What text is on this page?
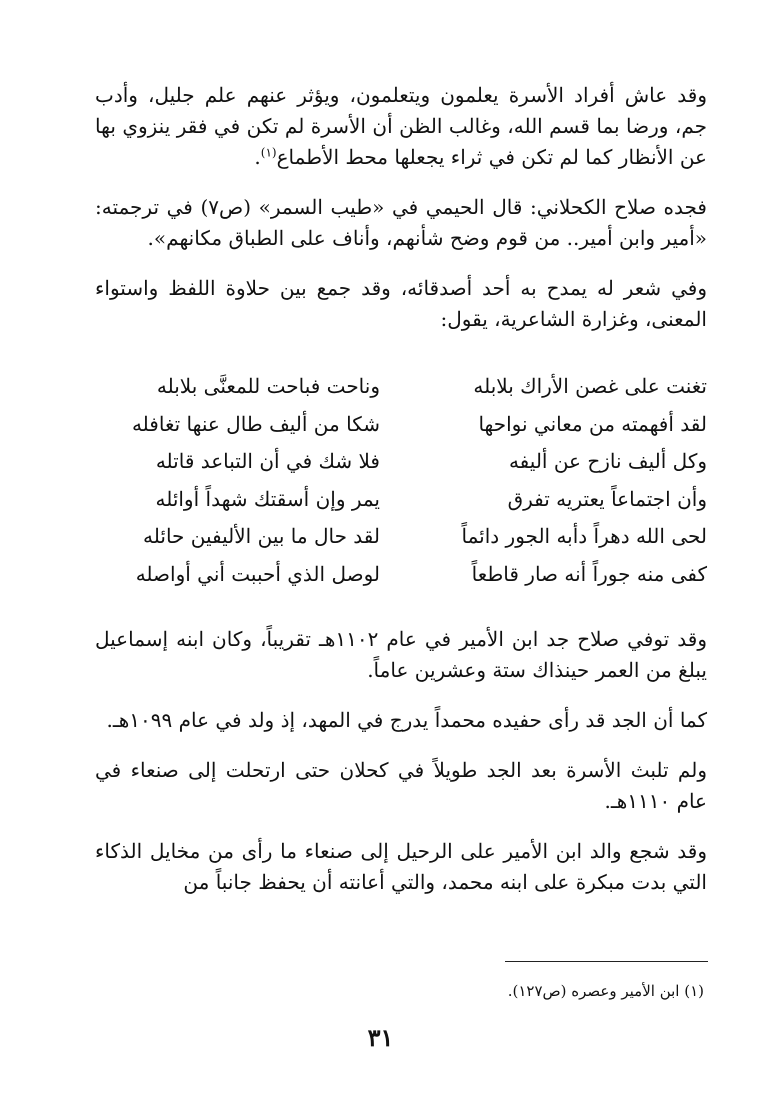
وقد عاش أفراد الأسرة يعلمون ويتعلمون، ويؤثر عنهم علم جليل، وأدب جم، ورضا بما قسم الله، وغالب الظن أن الأسرة لم تكن في فقر ينزوي بها عن الأنظار كما لم تكن في ثراء يجعلها محط الأطماع$^{(١)}$.

فجده صلاح الكحلاني: قال الحيمي في «طيب السمر» (ص٧) في ترجمته: «أمير وابن أمير.. من قوم وضح شأنهم، وأناف على الطباق مكانهم».

وفي شعر له يمدح به أحد أصدقائه، وقد جمع بين حلاوة اللفظ واستواء المعنى، وغزارة الشاعرية، يقول:

تغنت على غصن الأراك بلابله
وناحت فباحت للمعنَّى بلابله
لقد أفهمته من معاني نواحها
شكا من أليف طال عنها تغافله
وكل أليف نازح عن أليفه
فلا شك في أن التباعد قاتله
وأن اجتماعاً يعتريه تفرق
يمر وإن أسقتك شهداً أوائله
لحى الله دهراً دأبه الجور دائماً
لقد حال ما بين الأليفين حائله
كفى منه جوراً أنه صار قاطعاً
لوصل الذي أحببت أني أواصله

وقد توفي صلاح جد ابن الأمير في عام ١١٠٢هـ تقريباً، وكان ابنه إسماعيل يبلغ من العمر حينذاك ستة وعشرين عاماً.

كما أن الجد قد رأى حفيده محمداً يدرج في المهد، إذ ولد في عام ١٠٩٩هـ.

ولم تلبث الأسرة بعد الجد طويلاً في كحلان حتى ارتحلت إلى صنعاء في عام ١١١٠هـ.

وقد شجع والد ابن الأمير على الرحيل إلى صنعاء ما رأى من مخايل الذكاء التي بدت مبكرة على ابنه محمد، والتي أعانته أن يحفظ جانباً من

(١) ابن الأمير وعصره (ص١٢٧).
٣١
